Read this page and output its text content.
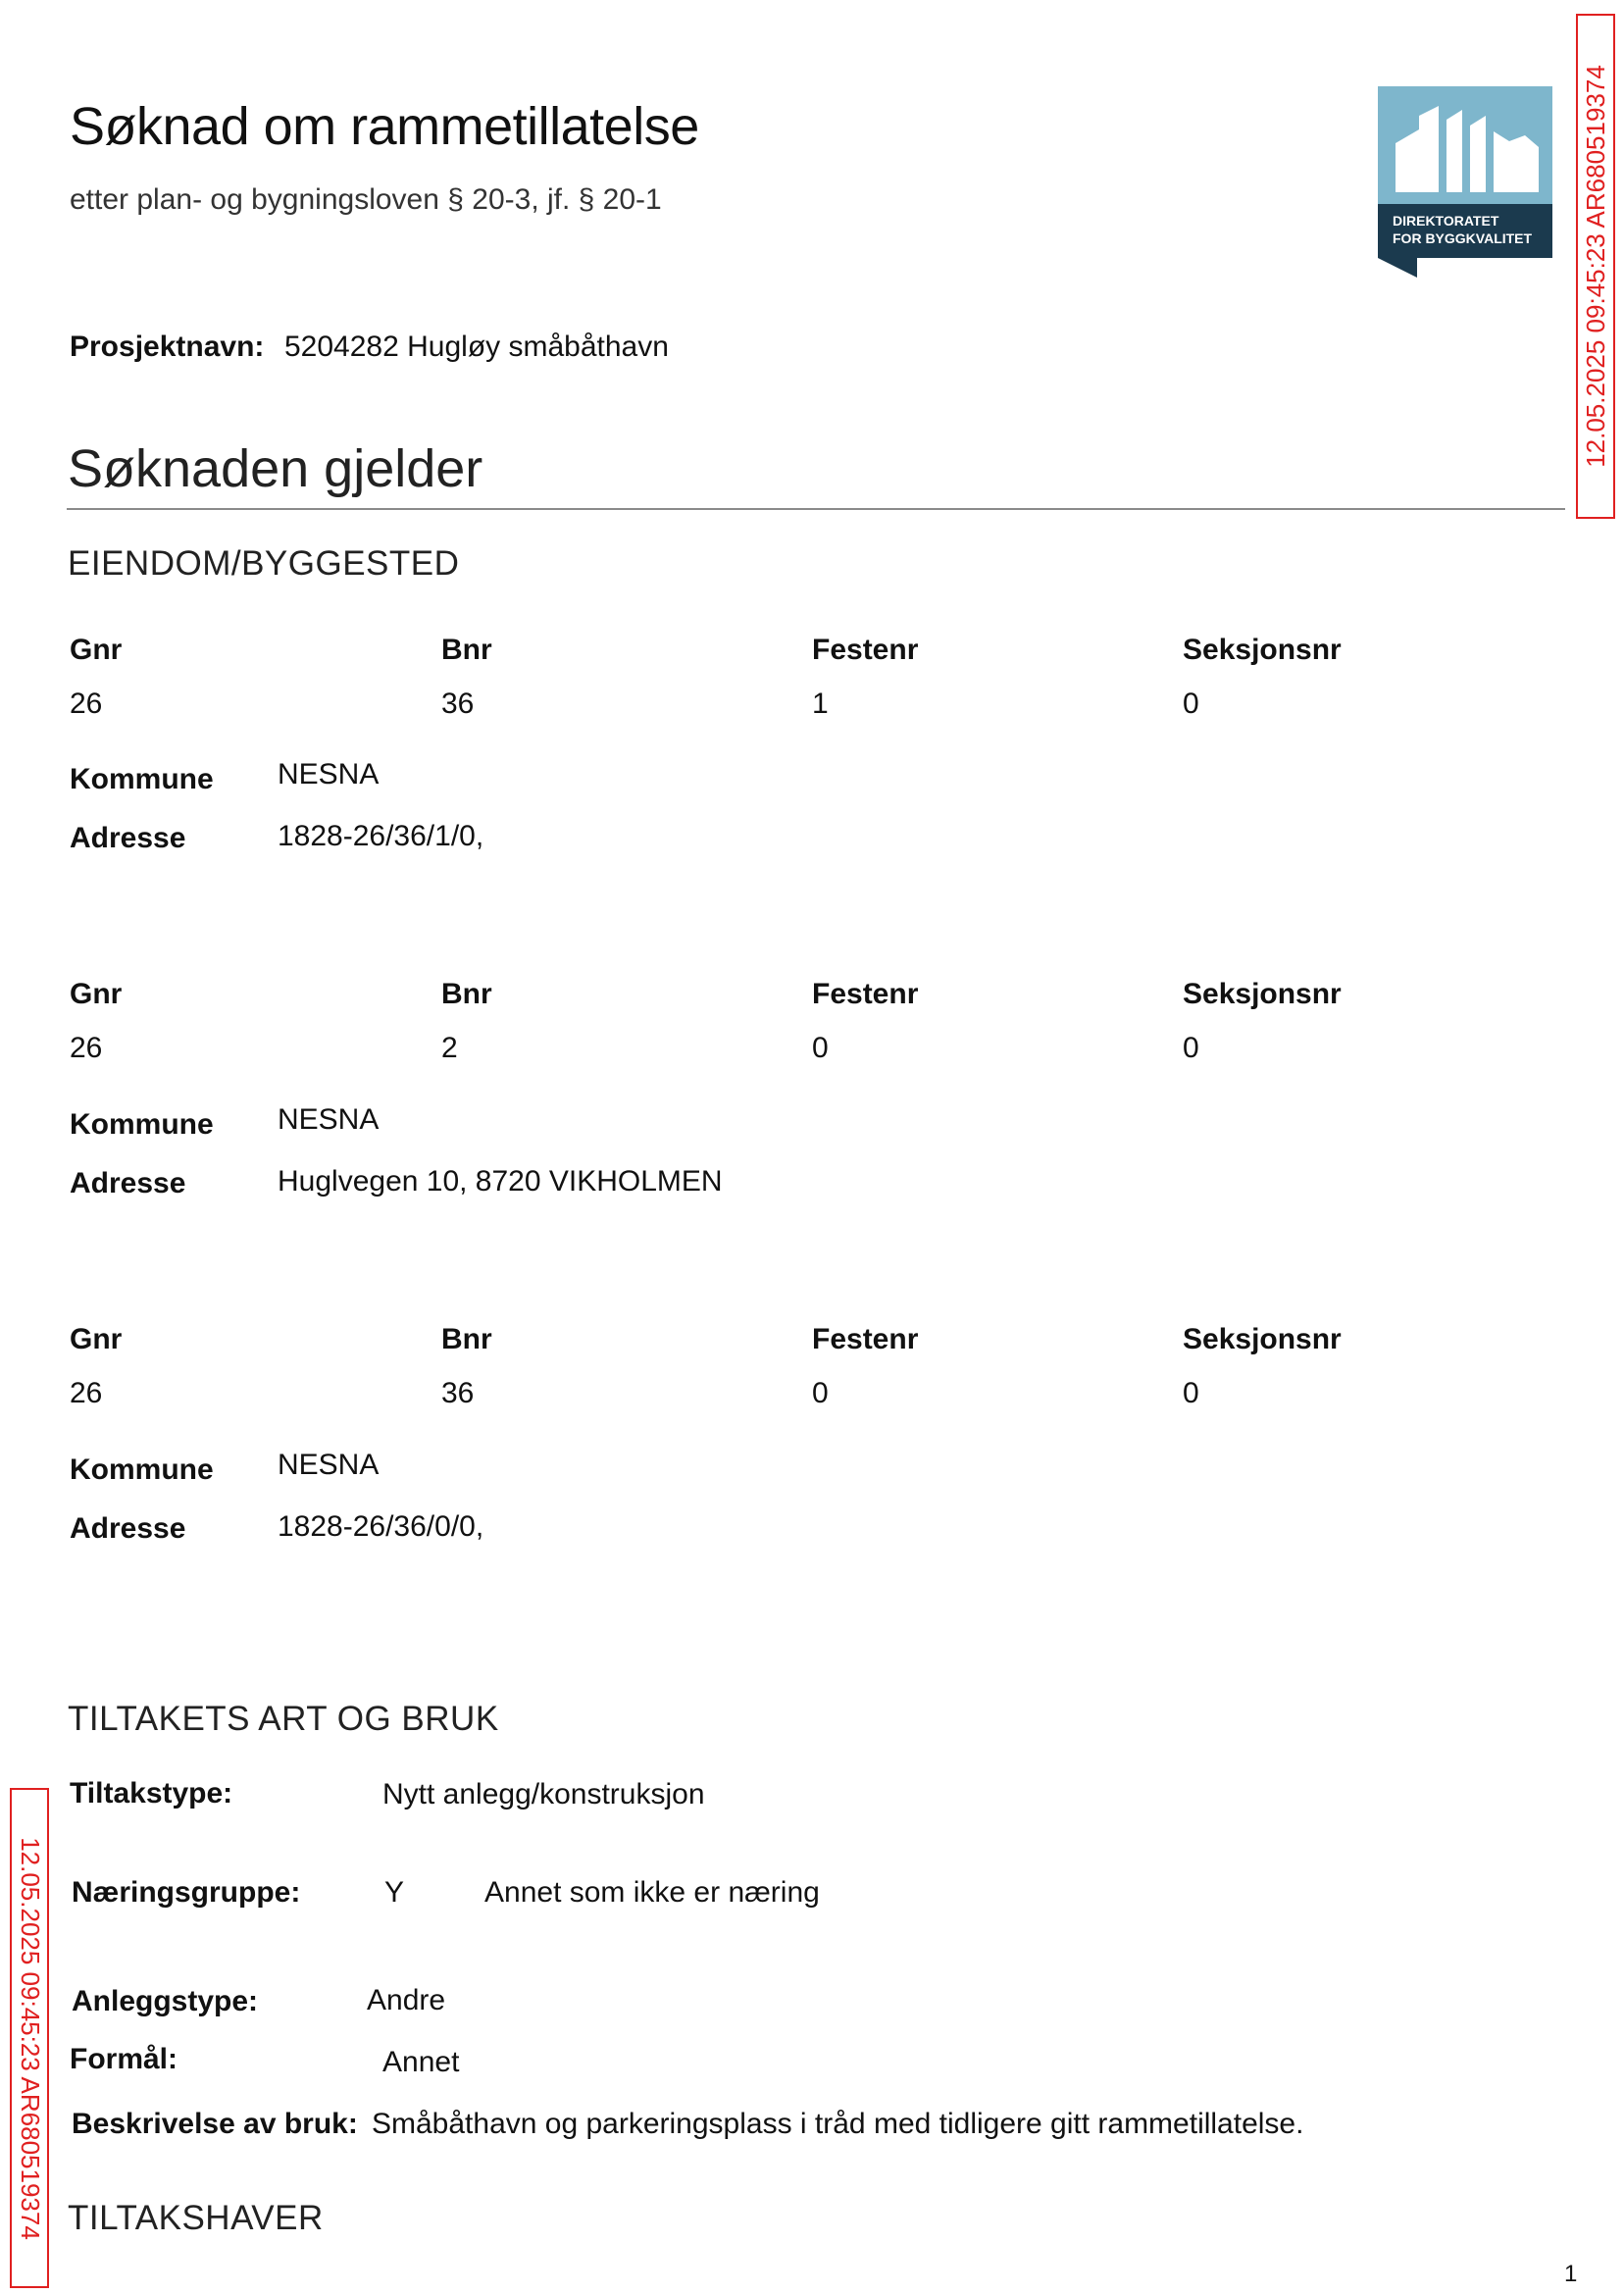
Søknad om rammetillatelse
etter plan- og bygningsloven § 20-3, jf. § 20-1
DIREKTORATET
FOR BYGGKVALITET 12.05.2025 09:45:23 AR680519374
12.05.2025 09:45:23 AR680519374
Prosjektnavn: 5204282 Hugløy småbåthavn
Søknaden gjelder
EIENDOM/BYGGESTED
Gnr	Bnr	Festenr	Seksjonsnr
26	36	1	0
Kommune NESNA
Adresse	1828-26/36/1/0,
Gnr	Bnr	Festenr	Seksjonsnr
26	2	0	0
Kommune NESNA
Adresse	Huglvegen 10, 8720 VIKHOLMEN
Gnr	Bnr	Festenr	Seksjonsnr
26	36	0	0
Kommune NESNA
Adresse	1828-26/36/0/0,
TILTAKETS ART OG BRUK
Tiltakstype:	Nytt anlegg/konstruksjon
Næringsgruppe:	Y	Annet som ikke er næring
Anleggstype:	Andre
Formål:	Annet
Beskrivelse av bruk: Småbåthavn og parkeringsplass i tråd med tidligere gitt rammetillatelse.
TILTAKSHAVER
1
